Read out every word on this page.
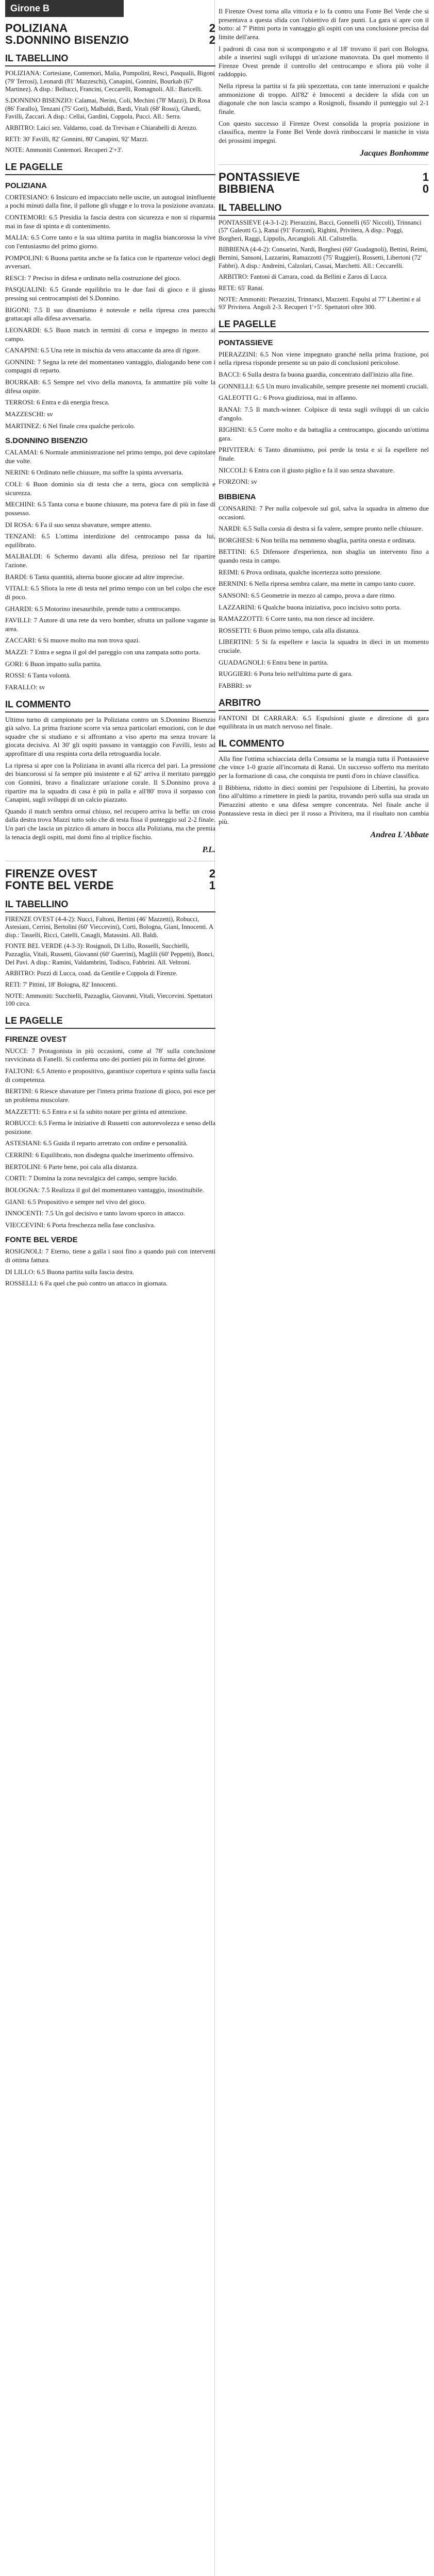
Girone B
POLIZIANA
S.DONNINO BISENZIO
2
2
IL TABELLINO

POLIZIANA: Cortesiane, Contemori, Malia, Pompolini, Resci, Pasqualii, Bigoni (79' Terrosi), Leonardi (81' Mazzeschi), Canapini, Gonnini, Bourkab (67' Martinez). A disp.: Bellucci, Francini, Ceccarelli, Romagnoli. All.: Baricelli.

S.DONNINO BISENZIO: Calamai, Nerini, Coli, Mechini (78' Mazzi), Di Rosa (86' Farallo), Tenzani (75' Gori), Malbaldi, Bardi, Vitali (68' Rossi), Ghardi, Favilli, Zaccari. A disp.: Cellai, Gardini, Coppola, Pucci. All.: Serra.

ARBITRO: Laici sez. Valdarno, coad. da Trevisan e Chiarabelli di Arezzo.

RETI: 30' Favilli, 82' Gonnini, 80' Canapini, 92' Mazzi.

NOTE: Ammoniti Contemori. Recuperi 2'+3'.

LE PAGELLE
POLIZIANA

CORTESIANO: 6 Insicuro ed impacciato nelle uscite, un autogoal ininfluente a pochi minuti dalla fine, il pallone gli sfugge e lo trova la posizione avanzata.

CONTEMORI: 6.5 Presidia la fascia destra con sicurezza e non si risparmia mai in fase di spinta e di contenimento.

MALIA: 6.5 Corre tanto e la sua ultima partita in maglia biancorossa la vive con l'entusiasmo del primo giorno.

POMPOLINI: 6 Buona partita anche se fa fatica con le ripartenze veloci degli avversari.

RESCI: 7 Preciso in difesa e ordinato nella costruzione del gioco.

PASQUALINI: 6.5 Grande equilibrio tra le due fasi di gioco e il giusto pressing sui centrocampisti del S.Donnino.

BIGONI: 7.5 Il suo dinamismo è notevole e nella ripresa crea parecchi grattacapi alla difesa avversaria.

LEONARDI: 6.5 Buon match in termini di corsa e impegno in mezzo al campo.

CANAPINI: 6.5 Una rete in mischia da vero attaccante da area di rigore.

GONNINI: 7 Segna la rete del momentaneo vantaggio, dialogando bene con i compagni di reparto.

BOURKAB: 6.5 Sempre nel vivo della manovra, fa ammattire più volte la difesa ospite.

TERROSI: 6 Entra e dà energia fresca.

MAZZESCHI: sv

MARTINEZ: 6 Nel finale crea qualche pericolo.

S.DONNINO BISENZIO

CALAMAI: 6 Normale amministrazione nel primo tempo, poi deve capitolare due volte.

NERINI: 6 Ordinato nelle chiusure, ma soffre la spinta avversaria.

COLI: 6 Buon dominio sia di testa che a terra, gioca con semplicità e sicurezza.

MECHINI: 6.5 Tanta corsa e buone chiusure, ma poteva fare di più in fase di possesso.

DI ROSA: 6 Fa il suo senza sbavature, sempre attento.

TENZANI: 6.5 L'ottima interdizione del centrocampo passa da lui, equilibrato.

MALBALDI: 6 Schermo davanti alla difesa, prezioso nel far ripartire l'azione.

BARDI: 6 Tanta quantità, alterna buone giocate ad altre imprecise.

VITALI: 6.5 Sfiora la rete di testa nel primo tempo con un bel colpo che esce di poco.

GHARDI: 6.5 Motorino inesauribile, prende tutto a centrocampo.

FAVILLI: 7 Autore di una rete da vero bomber, sfrutta un pallone vagante in area.

ZACCARI: 6 Si muove molto ma non trova spazi.

MAZZI: 7 Entra e segna il gol del pareggio con una zampata sotto porta.

GORI: 6 Buon impatto sulla partita.

ROSSI: 6 Tanta volontà.

FARALLO: sv

IL COMMENTO

Ultimo turno di campionato per la Poliziana contro un S.Donnino Bisenzio già salvo. La prima frazione scorre via senza particolari emozioni, con le due squadre che si studiano e si affrontano a viso aperto ma senza trovare la giocata decisiva. Al 30' gli ospiti passano in vantaggio con Favilli, lesto ad approfittare di una respinta corta della retroguardia locale.

La ripresa si apre con la Poliziana in avanti alla ricerca del pari. La pressione dei biancorossi si fa sempre più insistente e al 62' arriva il meritato pareggio con Gonnini, bravo a finalizzare un'azione corale. Il S.Donnino prova a ripartire ma la squadra di casa è più in palla e all'80' trova il sorpasso con Canapini, sugli sviluppi di un calcio piazzato.

Quando il match sembra ormai chiuso, nel recupero arriva la beffa: un cross dalla destra trova Mazzi tutto solo che di testa fissa il punteggio sul 2-2 finale. Un pari che lascia un pizzico di amaro in bocca alla Poliziana, ma che premia la tenacia degli ospiti, mai domi fino al triplice fischio.

P.L.
FIRENZE OVEST
FONTE BEL VERDE
2
1
IL TABELLINO

FIRENZE OVEST (4-4-2): Nucci, Faltoni, Bertini (46' Mazzetti), Robucci, Astesiani, Cerrini, Bertolini (60' Vieccevini), Corti, Bologna, Giani, Innocenti. A disp.: Tasselli, Ricci, Catelli, Casagli, Matassini. All. Baldi.

FONTE BEL VERDE (4-3-3): Rosignoli, Di Lillo, Rosselli, Succhielli, Pazzaglia, Vitali, Russetti, Giovanni (60' Guerrini), Maglili (60' Peppetti), Bonci, Del Pavi. A disp.: Ramini, Valdambrini, Todisco, Fabbrini. All. Veltroni.

ARBITRO: Pozzi di Lucca, coad. da Gentile e Coppola di Firenze.

RETI: 7' Pittini, 18' Bologna, 82' Innocenti.

NOTE: Ammoniti: Succhielli, Pazzaglia, Giovanni, Vitali, Vieccevini. Spettatori 100 circa.

LE PAGELLE
FIRENZE OVEST

NUCCI: 7 Protagonista in più occasioni, come al 78' sulla conclusione ravvicinata di Fanelli. Si conferma uno dei portieri più in forma del girone.

FALTONI: 6.5 Attento e propositivo, garantisce copertura e spinta sulla fascia di competenza.

BERTINI: 6 Riesce sbavature per l'intera prima frazione di gioco, poi esce per un problema muscolare.

MAZZETTI: 6.5 Entra e si fa subito notare per grinta ed attenzione.

ROBUCCI: 6.5 Ferma le iniziative di Russetti con autorevolezza e senso della posizione.

ASTESIANI: 6.5 Guida il reparto arretrato con ordine e personalità.

CERRINI: 6 Equilibrato, non disdegna qualche inserimento offensivo.

BERTOLINI: 6 Parte bene, poi cala alla distanza.

CORTI: 7 Domina la zona nevralgica del campo, sempre lucido.

BOLOGNA: 7.5 Realizza il gol del momentaneo vantaggio, insostituibile.

GIANI: 6.5 Propositivo e sempre nel vivo del gioco.

INNOCENTI: 7.5 Un gol decisivo e tanto lavoro sporco in attacco.

VIECCEVINI: 6 Porta freschezza nella fase conclusiva.

FONTE BEL VERDE

ROSIGNOLI: 7 Eterno, tiene a galla i suoi fino a quando può con interventi di ottima fattura.

DI LILLO: 6.5 Buona partita sulla fascia destra.

ROSSELLI: 6 Fa quel che può contro un attacco in giornata.

Il Firenze Ovest torna alla vittoria e lo fa contro una Fonte Bel Verde che si presentava a questa sfida con l'obiettivo di fare punti. La gara si apre con il botto: al 7' Pittini porta in vantaggio gli ospiti con una conclusione precisa dal limite dell'area.

I padroni di casa non si scompongono e al 18' trovano il pari con Bologna, abile a inserirsi sugli sviluppi di un'azione manovrata. Da quel momento il Firenze Ovest prende il controllo del centrocampo e sfiora più volte il raddoppio.

Nella ripresa la partita si fa più spezzettata, con tante interruzioni e qualche ammonizione di troppo. All'82' è Innocenti a decidere la sfida con un diagonale che non lascia scampo a Rosignoli, fissando il punteggio sul 2-1 finale.

Con questo successo il Firenze Ovest consolida la propria posizione in classifica, mentre la Fonte Bel Verde dovrà rimboccarsi le maniche in vista dei prossimi impegni.

Jacques Bonhomme
PONTASSIEVE
BIBBIENA
1
0
IL TABELLINO

PONTASSIEVE (4-3-1-2): Pierazzini, Bacci, Gonnelli (65' Niccoli), Trinnanci (57' Galeotti G.), Ranai (91' Forzoni), Righini, Privitera, A disp.: Poggi, Borgheri, Raggi, Lippolis, Arcangioli. All. Calistrella.

BIBBIENA (4-4-2): Consarini, Nardi, Borghesi (60' Guadagnoli), Bettini, Reimi, Bernini, Sansoni, Lazzarini, Ramazzotti (75' Ruggieri), Rossetti, Libertoni (72' Fabbri). A disp.: Andreini, Calzolari, Cassai, Marchetti. All.: Ceccarelli.

ARBITRO: Fantoni di Carrara, coad. da Bellini e Zaros di Lucca.

RETE: 65' Ranai.

NOTE: Ammoniti: Pierazzini, Trinnanci, Mazzetti. Espulsi al 77' Libertini e al 93' Privitera. Angoli 2-3. Recuperi 1'+5'. Spettatori oltre 300.

LE PAGELLE
PONTASSIEVE

PIERAZZINI: 6.5 Non viene impegnato granché nella prima frazione, poi nella ripresa risponde presente su un paio di conclusioni pericolose.

BACCI: 6 Sulla destra fa buona guardia, concentrato dall'inizio alla fine.

GONNELLI: 6.5 Un muro invalicabile, sempre presente nei momenti cruciali.

GALEOTTI G.: 6 Prova giudiziosa, mai in affanno.

RANAI: 7.5 Il match-winner. Colpisce di testa sugli sviluppi di un calcio d'angolo.

RIGHINI: 6.5 Corre molto e da battaglia a centrocampo, giocando un'ottima gara.

PRIVITERA: 6 Tanto dinamismo, poi perde la testa e si fa espellere nel finale.

NICCOLI: 6 Entra con il giusto piglio e fa il suo senza sbavature.

FORZONI: sv

BIBBIENA

CONSARINI: 7 Per nulla colpevole sul gol, salva la squadra in almeno due occasioni.

NARDI: 6.5 Sulla corsia di destra si fa valere, sempre pronto nelle chiusure.

BORGHESI: 6 Non brilla ma nemmeno sbaglia, partita onesta e ordinata.

BETTINI: 6.5 Difensore d'esperienza, non sbaglia un intervento fino a quando resta in campo.

REIMI: 6 Prova ordinata, qualche incertezza sotto pressione.

BERNINI: 6 Nella ripresa sembra calare, ma mette in campo tanto cuore.

SANSONI: 6.5 Geometrie in mezzo al campo, prova a dare ritmo.

LAZZARINI: 6 Qualche buona iniziativa, poco incisivo sotto porta.

RAMAZZOTTI: 6 Corre tanto, ma non riesce ad incidere.

ROSSETTI: 6 Buon primo tempo, cala alla distanza.

LIBERTINI: 5 Si fa espellere e lascia la squadra in dieci in un momento cruciale.

GUADAGNOLI: 6 Entra bene in partita.

RUGGIERI: 6 Porta brio nell'ultima parte di gara.

FABBRI: sv

ARBITRO

FANTONI DI CARRARA: 6.5 Espulsioni giuste e direzione di gara equilibrata in un match nervoso nel finale.

IL COMMENTO

Alla fine l'ottima schiacciata della Consuma se la mangia tutta il Pontassieve che vince 1-0 grazie all'incornata di Ranai. Un successo sofferto ma meritato per la formazione di casa, che conquista tre punti d'oro in chiave classifica.

Il Bibbiena, ridotto in dieci uomini per l'espulsione di Libertini, ha provato fino all'ultimo a rimettere in piedi la partita, trovando però sulla sua strada un Pierazzini attento e una difesa sempre concentrata. Nel finale anche il Pontassieve resta in dieci per il rosso a Privitera, ma il risultato non cambia più.

Andrea L'Abbate
